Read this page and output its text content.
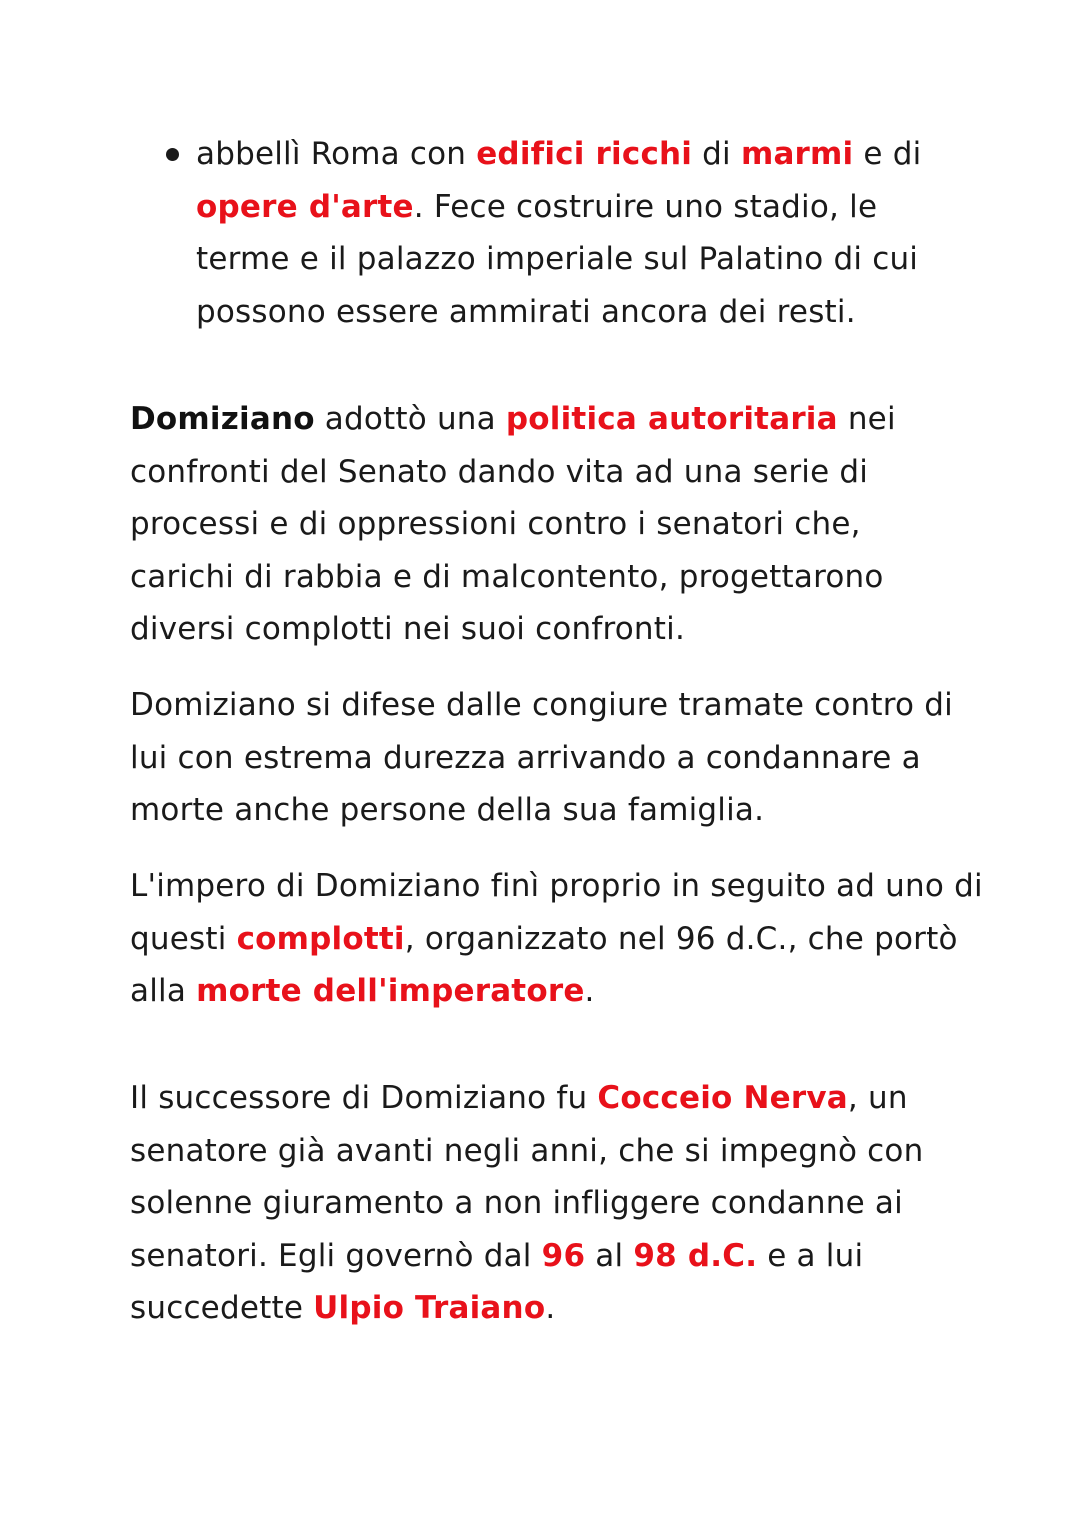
abbellì Roma con edifici ricchi di marmi e di
opere d'arte. Fece costruire uno stadio, le
terme e il palazzo imperiale sul Palatino di cui
possono essere ammirati ancora dei resti.

Domiziano adottò una politica autoritaria nei
confronti del Senato dando vita ad una serie di
processi e di oppressioni contro i senatori che,
carichi di rabbia e di malcontento, progettarono
diversi complotti nei suoi confronti.

Domiziano si difese dalle congiure tramate contro di
lui con estrema durezza arrivando a condannare a
morte anche persone della sua famiglia.

L'impero di Domiziano finì proprio in seguito ad uno di
questi complotti, organizzato nel 96 d.C., che portò
alla morte dell'imperatore.

Il successore di Domiziano fu Cocceio Nerva, un
senatore già avanti negli anni, che si impegnò con
solenne giuramento a non infliggere condanne ai
senatori. Egli governò dal 96 al 98 d.C. e a lui
succedette Ulpio Traiano.
